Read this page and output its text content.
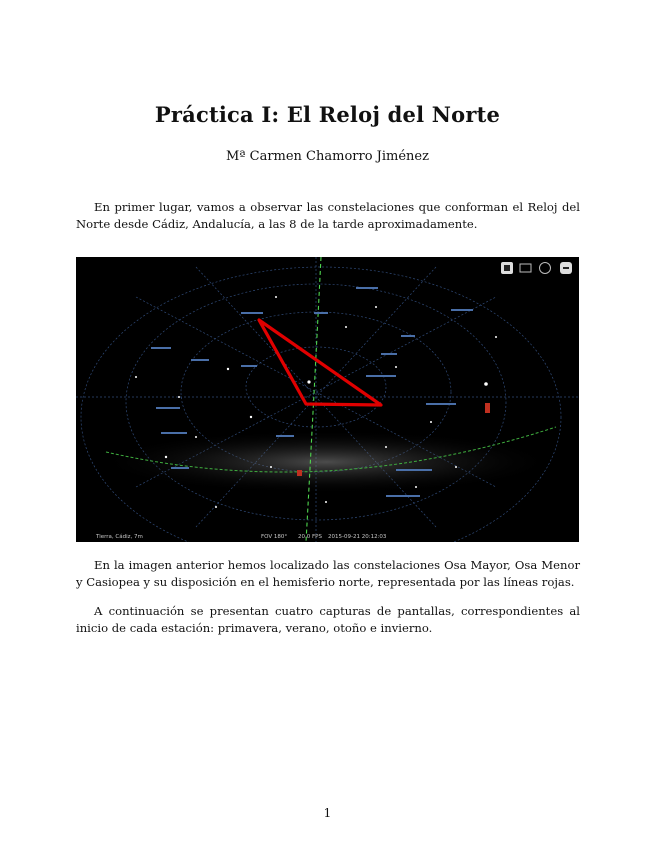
Práctica I: El Reloj del Norte
Mª Carmen Chamorro Jiménez
En primer lugar, vamos a observar las constelaciones que conforman el Reloj del Norte desde Cádiz, Andalucía, a las 8 de la tarde aproximadamente.
Tierra, Cádiz, 7m	FOV 180° 20.0 FPS 2015-09-21 20:12:03
En la imagen anterior hemos localizado las constelaciones Osa Mayor, Osa Menor y Casiopea y su disposición en el hemisferio norte, representada por las líneas rojas.
A continuación se presentan cuatro capturas de pantallas, correspondientes al inicio de cada estación: primavera, verano, otoño e invierno.
1
